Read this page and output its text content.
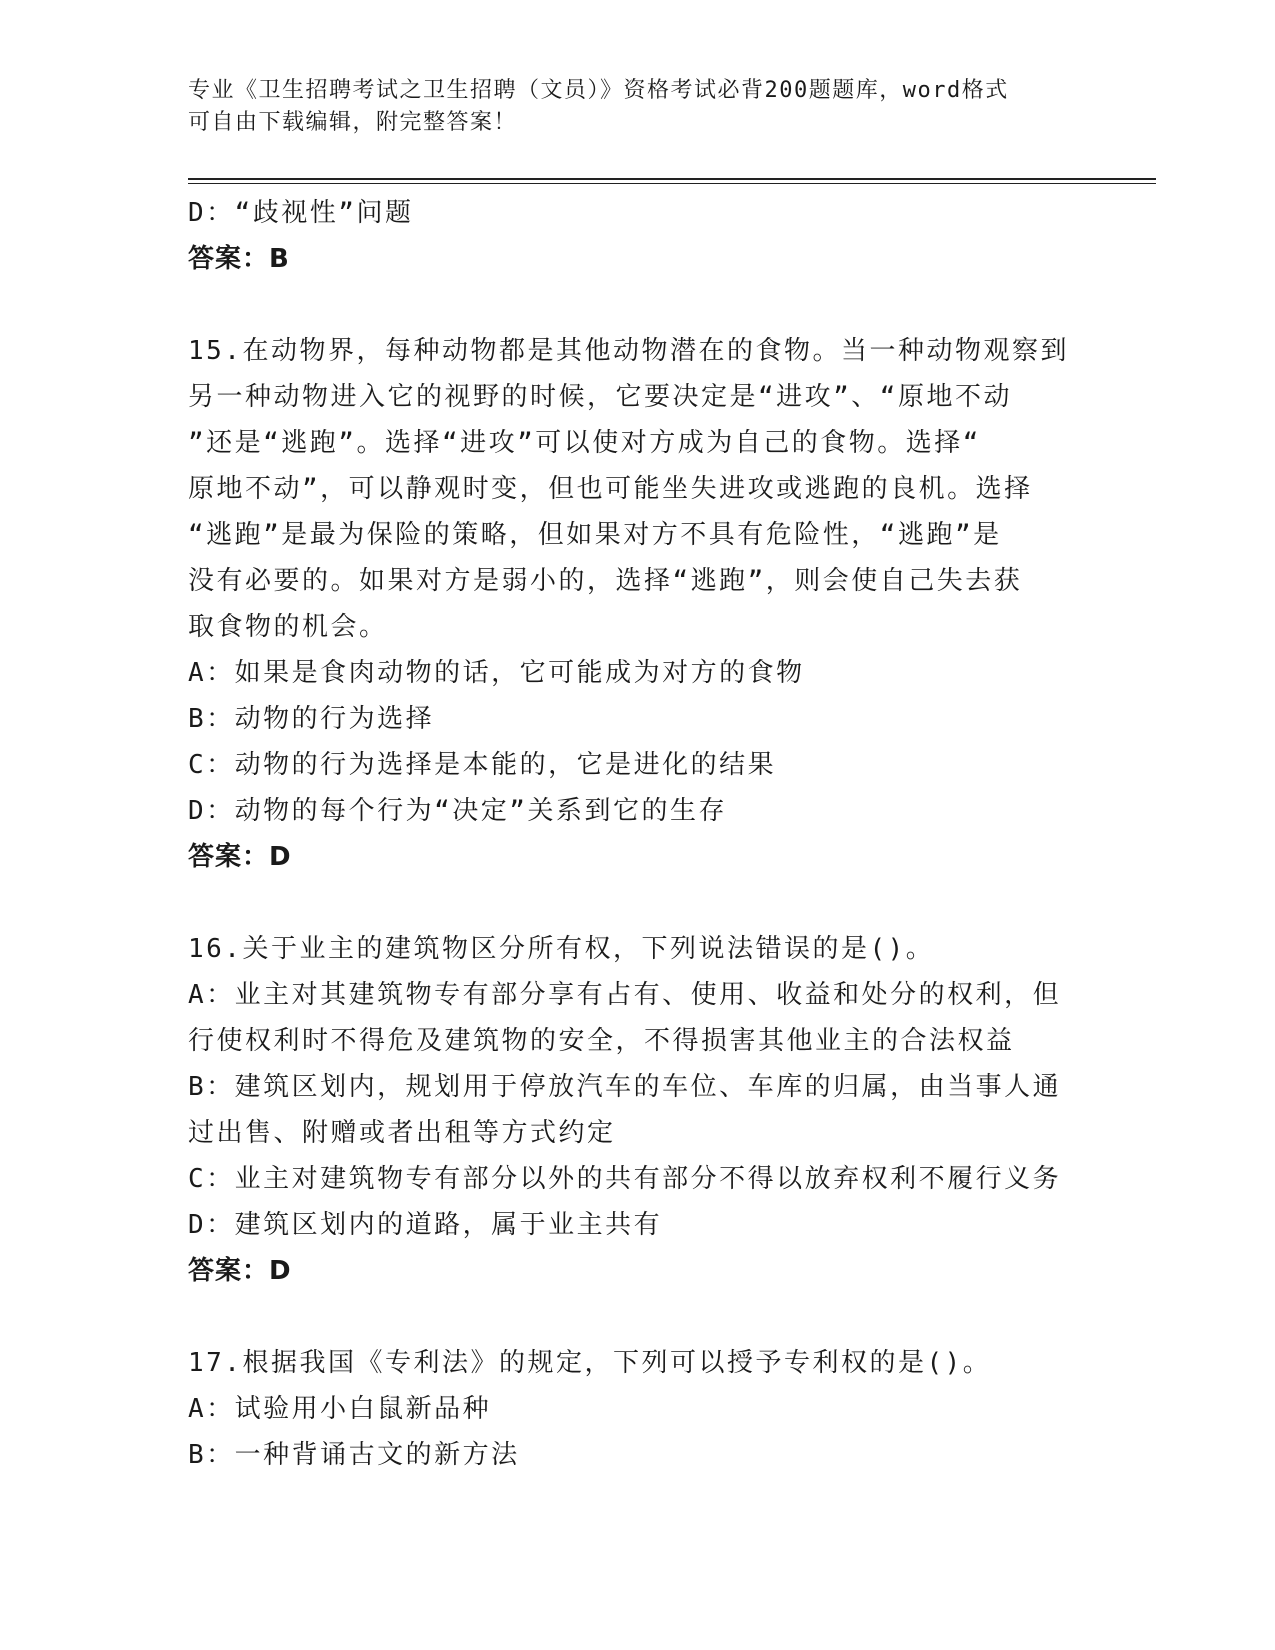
专业《卫生招聘考试之卫生招聘（文员）》资格考试必背200题题库，word格式

可自由下载编辑，附完整答案！

D：“歧视性”问题

答案：B

15.在动物界，每种动物都是其他动物潜在的食物。当一种动物观察到

另一种动物进入它的视野的时候，它要决定是“进攻”、“原地不动

”还是“逃跑”。选择“进攻”可以使对方成为自己的食物。选择“

原地不动”，可以静观时变，但也可能坐失进攻或逃跑的良机。选择

“逃跑”是最为保险的策略，但如果对方不具有危险性，“逃跑”是

没有必要的。如果对方是弱小的，选择“逃跑”，则会使自己失去获

取食物的机会。

A：如果是食肉动物的话，它可能成为对方的食物

B：动物的行为选择

C：动物的行为选择是本能的，它是进化的结果

D：动物的每个行为“决定”关系到它的生存

答案：D

16.关于业主的建筑物区分所有权，下列说法错误的是()。

A：业主对其建筑物专有部分享有占有、使用、收益和处分的权利，但

行使权利时不得危及建筑物的安全，不得损害其他业主的合法权益

B：建筑区划内，规划用于停放汽车的车位、车库的归属，由当事人通

过出售、附赠或者出租等方式约定

C：业主对建筑物专有部分以外的共有部分不得以放弃权利不履行义务

D：建筑区划内的道路，属于业主共有

答案：D

17.根据我国《专利法》的规定，下列可以授予专利权的是()。

A：试验用小白鼠新品种

B：一种背诵古文的新方法
